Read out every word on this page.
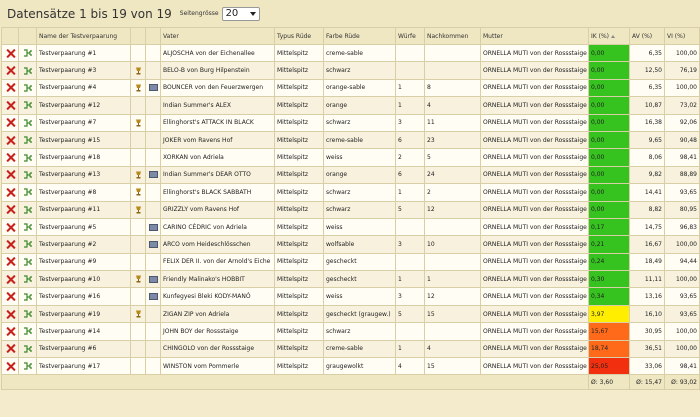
Datensätze 1 bis 19 von 19 Seitengrösse 20
		Name der Testverpaarung			Vater	Typus Rüde	Farbe Rüde	Würfe	Nachkommen	Mutter	IK (%)	AV (%)	VI (%)
		Testverpaarung #1			ALJOSCHA von der Eichenallee	Mittelspitz	creme-sable			ORNELLA MUTI von der Rossstaige	0,00	6,35	100,00
		Testverpaarung #3			BELO-B von Burg Hilpenstein	Mittelspitz	schwarz			ORNELLA MUTI von der Rossstaige	0,00	12,50	76,19
		Testverpaarung #4			BOUNCER von den Feuerzwergen	Mittelspitz	orange-sable	1	8	ORNELLA MUTI von der Rossstaige	0,00	6,35	100,00
		Testverpaarung #12			Indian Summer's ALEX	Mittelspitz	orange	1	4	ORNELLA MUTI von der Rossstaige	0,00	10,87	73,02
		Testverpaarung #7			Ellinghorst's ATTACK IN BLACK	Mittelspitz	schwarz	3	11	ORNELLA MUTI von der Rossstaige	0,00	16,38	92,06
		Testverpaarung #15			JOKER vom Ravens Hof	Mittelspitz	creme-sable	6	23	ORNELLA MUTI von der Rossstaige	0,00	9,65	90,48
		Testverpaarung #18			XORKAN von Adriela	Mittelspitz	weiss	2	5	ORNELLA MUTI von der Rossstaige	0,00	8,06	98,41
		Testverpaarung #13			Indian Summer's DEAR OTTO	Mittelspitz	orange	6	24	ORNELLA MUTI von der Rossstaige	0,00	9,82	88,89
		Testverpaarung #8			Ellinghorst's BLACK SABBATH	Mittelspitz	schwarz	1	2	ORNELLA MUTI von der Rossstaige	0,00	14,41	93,65
		Testverpaarung #11			GRIZZLY vom Ravens Hof	Mittelspitz	schwarz	5	12	ORNELLA MUTI von der Rossstaige	0,00	8,82	80,95
		Testverpaarung #5			CARINO CÉDRIC von Adriela	Mittelspitz	weiss			ORNELLA MUTI von der Rossstaige	0,17	14,75	96,83
		Testverpaarung #2			ARCO vom Heideschlösschen	Mittelspitz	wolfsable	3	10	ORNELLA MUTI von der Rossstaige	0,21	16,67	100,00
		Testverpaarung #9			FELIX DER II. von der Arnold's Eiche	Mittelspitz	gescheckt			ORNELLA MUTI von der Rossstaige	0,24	18,49	94,44
		Testverpaarung #10			Friendly Malinako's HOBBIT	Mittelspitz	gescheckt	1	1	ORNELLA MUTI von der Rossstaige	0,30	11,11	100,00
		Testverpaarung #16			Kunfegyesi Bleki KODY-MANÓ	Mittelspitz	weiss	3	12	ORNELLA MUTI von der Rossstaige	0,34	13,16	93,65
		Testverpaarung #19			ZIGAN ZIP von Adriela	Mittelspitz	gescheckt (graugew.)	5	15	ORNELLA MUTI von der Rossstaige	3,97	16,10	93,65
		Testverpaarung #14			JOHN BOY der Rossstaige	Mittelspitz	schwarz			ORNELLA MUTI von der Rossstaige	15,67	30,95	100,00
		Testverpaarung #6			CHINGOLO von der Rossstaige	Mittelspitz	creme-sable	1	4	ORNELLA MUTI von der Rossstaige	18,74	36,51	100,00
		Testverpaarung #17			WINSTON vom Pommerle	Mittelspitz	graugewolkt	4	15	ORNELLA MUTI von der Rossstaige	25,05	33,06	98,41
											Ø: 3,60	Ø: 15,47	Ø: 93,02
